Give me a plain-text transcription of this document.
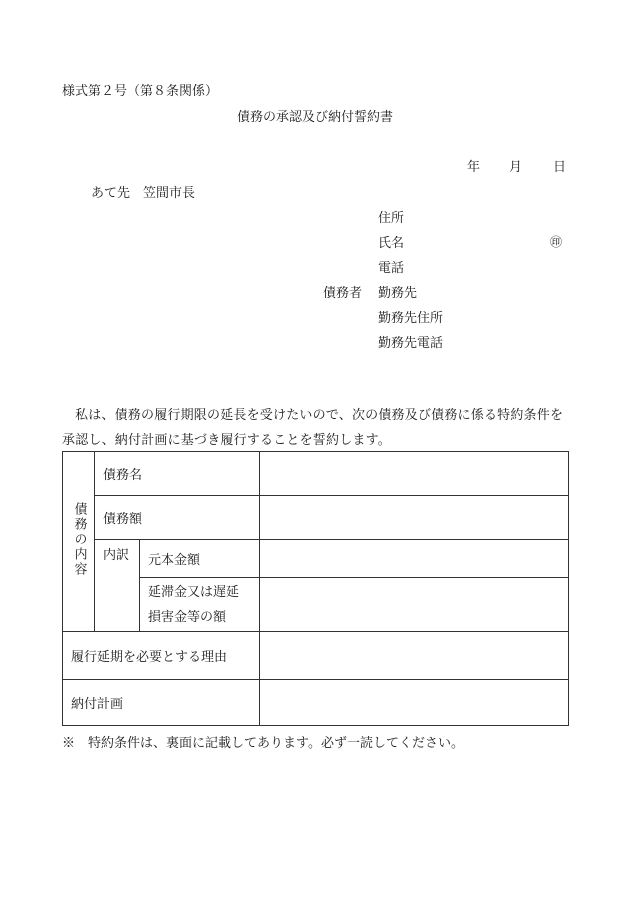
様式第２号（第８条関係）
債務の承認及び納付誓約書
年 月 日
あて先　笠間市長
住所
氏名	㊞
電話
債務者 勤務先
勤務先住所
勤務先電話
私は、債務の履行期限の延長を受けたいので、次の債務及び債務に係る特約条件を承認し、納付計画に基づき履行することを誓約します。
債務の内容	債務名		
	債務額		
	内訳	元本金額	

		延滞金又は遅延
損害金等の額	

履行延期を必要とする理由			
納付計画			
※　特約条件は、裏面に記載してあります。必ず一読してください。
